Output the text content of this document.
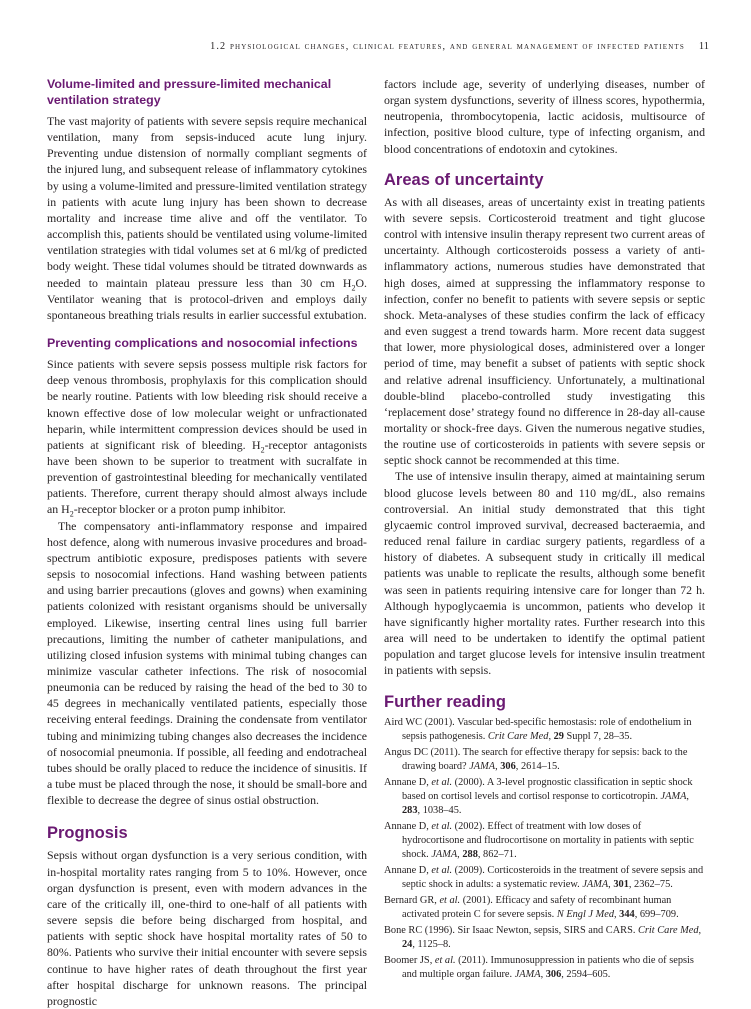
1.2 physiological changes, clinical features, and general management of infected patients 11
Volume-limited and pressure-limited mechanical ventilation strategy

The vast majority of patients with severe sepsis require mechanical ventilation, many from sepsis-induced acute lung injury. Preventing undue distension of normally compliant segments of the injured lung, and subsequent release of inflammatory cytokines by using a volume-limited and pressure-limited ventilation strategy in patients with acute lung injury has been shown to decrease mortality and increase time alive and off the ventilator. To accomplish this, patients should be ventilated using volume-limited ventilation strategies with tidal volumes set at 6 ml/kg of predicted body weight. These tidal volumes should be titrated downwards as needed to maintain plateau pressure less than 30 cm $H_2O$. Ventilator weaning that is protocol-driven and employs daily spontaneous breathing trials results in earlier successful extubation.

Preventing complications and nosocomial infections

Since patients with severe sepsis possess multiple risk factors for deep venous thrombosis, prophylaxis for this complication should be nearly routine. Patients with low bleeding risk should receive a known effective dose of low molecular weight or unfractionated heparin, while intermittent compression devices should be used in patients at significant risk of bleeding. $H_2$-receptor antagonists have been shown to be superior to treatment with sucralfate in prevention of gastrointestinal bleeding for mechanically ventilated patients. Therefore, current therapy should almost always include an $H_2$-receptor blocker or a proton pump inhibitor.

The compensatory anti-inflammatory response and impaired host defence, along with numerous invasive procedures and broad-spectrum antibiotic exposure, predisposes patients with severe sepsis to nosocomial infections. Hand washing between patients and using barrier precautions (gloves and gowns) when examining patients colonized with resistant organisms should be universally employed. Likewise, inserting central lines using full barrier precautions, limiting the number of catheter manipulations, and utilizing closed infusion systems with minimal tubing changes can minimize vascular catheter infections. The risk of nosocomial pneumonia can be reduced by raising the head of the bed to 30 to 45 degrees in mechanically ventilated patients, especially those receiving enteral feedings. Draining the condensate from ventilator tubing and minimizing tubing changes also decreases the incidence of nosocomial pneumonia. If possible, all feeding and endotracheal tubes should be orally placed to reduce the incidence of sinusitis. If a tube must be placed through the nose, it should be small-bore and flexible to decrease the degree of sinus ostial obstruction.

Prognosis

Sepsis without organ dysfunction is a very serious condition, with in-hospital mortality rates ranging from 5 to 10%. However, once organ dysfunction is present, even with modern advances in the care of the critically ill, one-third to one-half of all patients with severe sepsis die before being discharged from hospital, and patients with septic shock have hospital mortality rates of 50 to 80%. Patients who survive their initial encounter with severe sepsis continue to have higher rates of death throughout the first year after hospital discharge for unknown reasons. The principal prognostic

factors include age, severity of underlying diseases, number of organ system dysfunctions, severity of illness scores, hypothermia, neutropenia, thrombocytopenia, lactic acidosis, multisource of infection, positive blood culture, type of infecting organism, and blood concentrations of endotoxin and cytokines.

Areas of uncertainty

As with all diseases, areas of uncertainty exist in treating patients with severe sepsis. Corticosteroid treatment and tight glucose control with intensive insulin therapy represent two current areas of uncertainty. Although corticosteroids possess a variety of anti-inflammatory actions, numerous studies have demonstrated that high doses, aimed at suppressing the inflammatory response to infection, confer no benefit to patients with severe sepsis or septic shock. Meta-analyses of these studies confirm the lack of efficacy and even suggest a trend towards harm. More recent data suggest that lower, more physiological doses, administered over a longer period of time, may benefit a subset of patients with septic shock and relative adrenal insufficiency. Unfortunately, a multinational double-blind placebo-controlled study investigating this ‘replacement dose’ strategy found no difference in 28-day all-cause mortality or shock-free days. Given the numerous negative studies, the routine use of corticosteroids in patients with severe sepsis or septic shock cannot be recommended at this time.

The use of intensive insulin therapy, aimed at maintaining serum blood glucose levels between 80 and 110 mg/dL, also remains controversial. An initial study demonstrated that this tight glycaemic control improved survival, decreased bacteraemia, and reduced renal failure in cardiac surgery patients, regardless of a history of diabetes. A subsequent study in critically ill medical patients was unable to replicate the results, although some benefit was seen in patients requiring intensive care for longer than 72 h. Although hypoglycaemia is uncommon, patients who develop it have significantly higher mortality rates. Further research into this area will need to be undertaken to identify the optimal patient population and target glucose levels for intensive insulin treatment in patients with sepsis.

Further reading
Aird WC (2001). Vascular bed-specific hemostasis: role of endothelium in sepsis pathogenesis. Crit Care Med, 29 Suppl 7, 28–35.
Angus DC (2011). The search for effective therapy for sepsis: back to the drawing board? JAMA, 306, 2614–15.
Annane D, et al. (2000). A 3-level prognostic classification in septic shock based on cortisol levels and cortisol response to corticotropin. JAMA, 283, 1038–45.
Annane D, et al. (2002). Effect of treatment with low doses of hydrocortisone and fludrocortisone on mortality in patients with septic shock. JAMA, 288, 862–71.
Annane D, et al. (2009). Corticosteroids in the treatment of severe sepsis and septic shock in adults: a systematic review. JAMA, 301, 2362–75.
Bernard GR, et al. (2001). Efficacy and safety of recombinant human activated protein C for severe sepsis. N Engl J Med, 344, 699–709.
Bone RC (1996). Sir Isaac Newton, sepsis, SIRS and CARS. Crit Care Med, 24, 1125–8.
Boomer JS, et al. (2011). Immunosuppression in patients who die of sepsis and multiple organ failure. JAMA, 306, 2594–605.
